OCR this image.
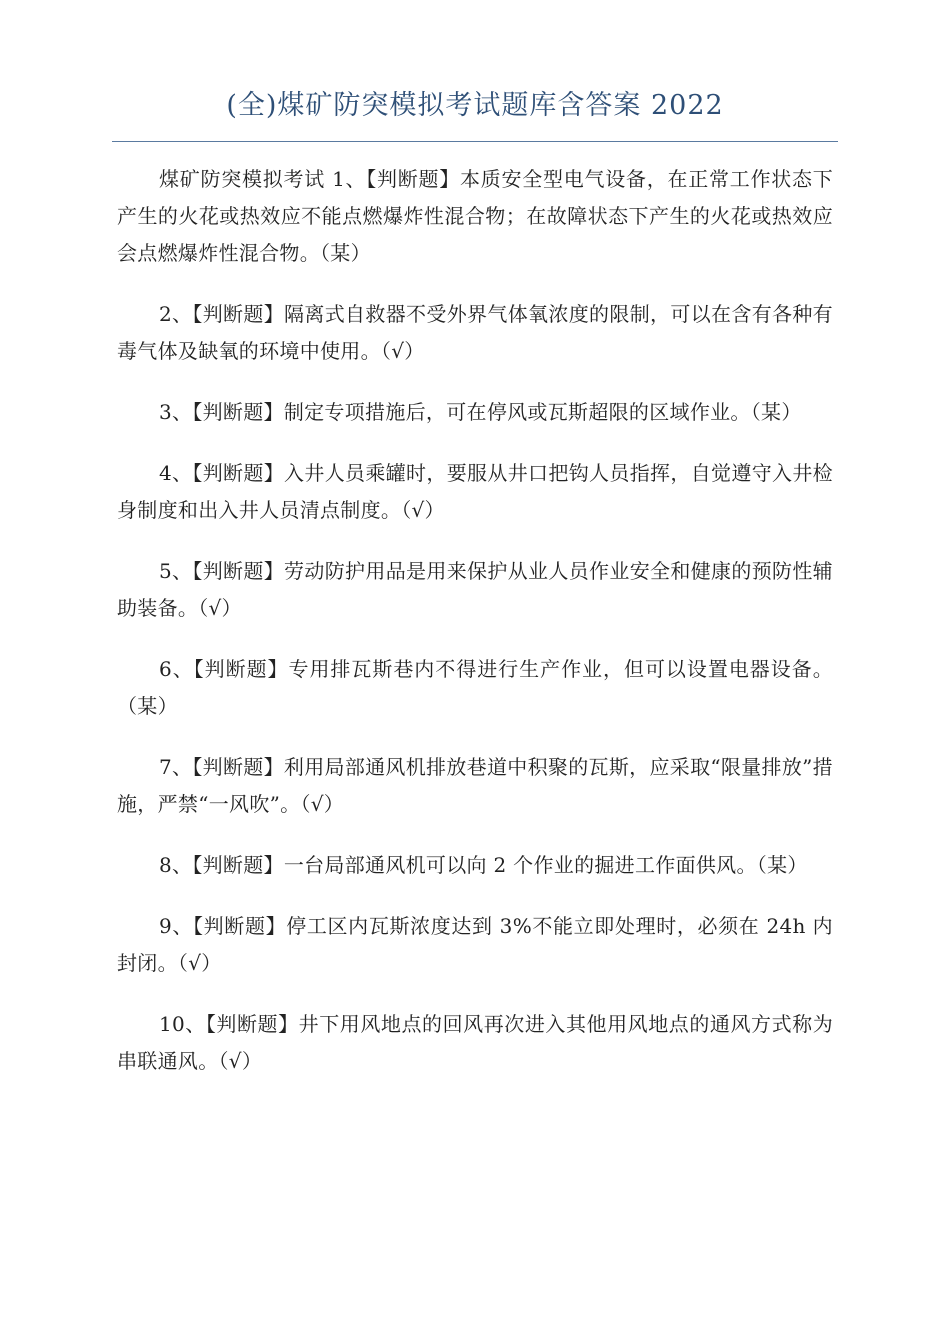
(全)煤矿防突模拟考试题库含答案 2022
煤矿防突模拟考试 1、【判断题】本质安全型电气设备，在正常工作状态下产生的火花或热效应不能点燃爆炸性混合物；在故障状态下产生的火花或热效应会点燃爆炸性混合物。（某）
2、【判断题】隔离式自救器不受外界气体氧浓度的限制，可以在含有各种有毒气体及缺氧的环境中使用。（√）
3、【判断题】制定专项措施后，可在停风或瓦斯超限的区域作业。（某）
4、【判断题】入井人员乘罐时，要服从井口把钩人员指挥，自觉遵守入井检身制度和出入井人员清点制度。（√）
5、【判断题】劳动防护用品是用来保护从业人员作业安全和健康的预防性辅助装备。（√）
6、【判断题】专用排瓦斯巷内不得进行生产作业，但可以设置电器设备。（某）
7、【判断题】利用局部通风机排放巷道中积聚的瓦斯，应采取“限量排放”措施，严禁“一风吹”。（√）
8、【判断题】一台局部通风机可以向 2 个作业的掘进工作面供风。（某）
9、【判断题】停工区内瓦斯浓度达到 3%不能立即处理时，必须在 24h 内封闭。（√）
10、【判断题】井下用风地点的回风再次进入其他用风地点的通风方式称为串联通风。（√）
